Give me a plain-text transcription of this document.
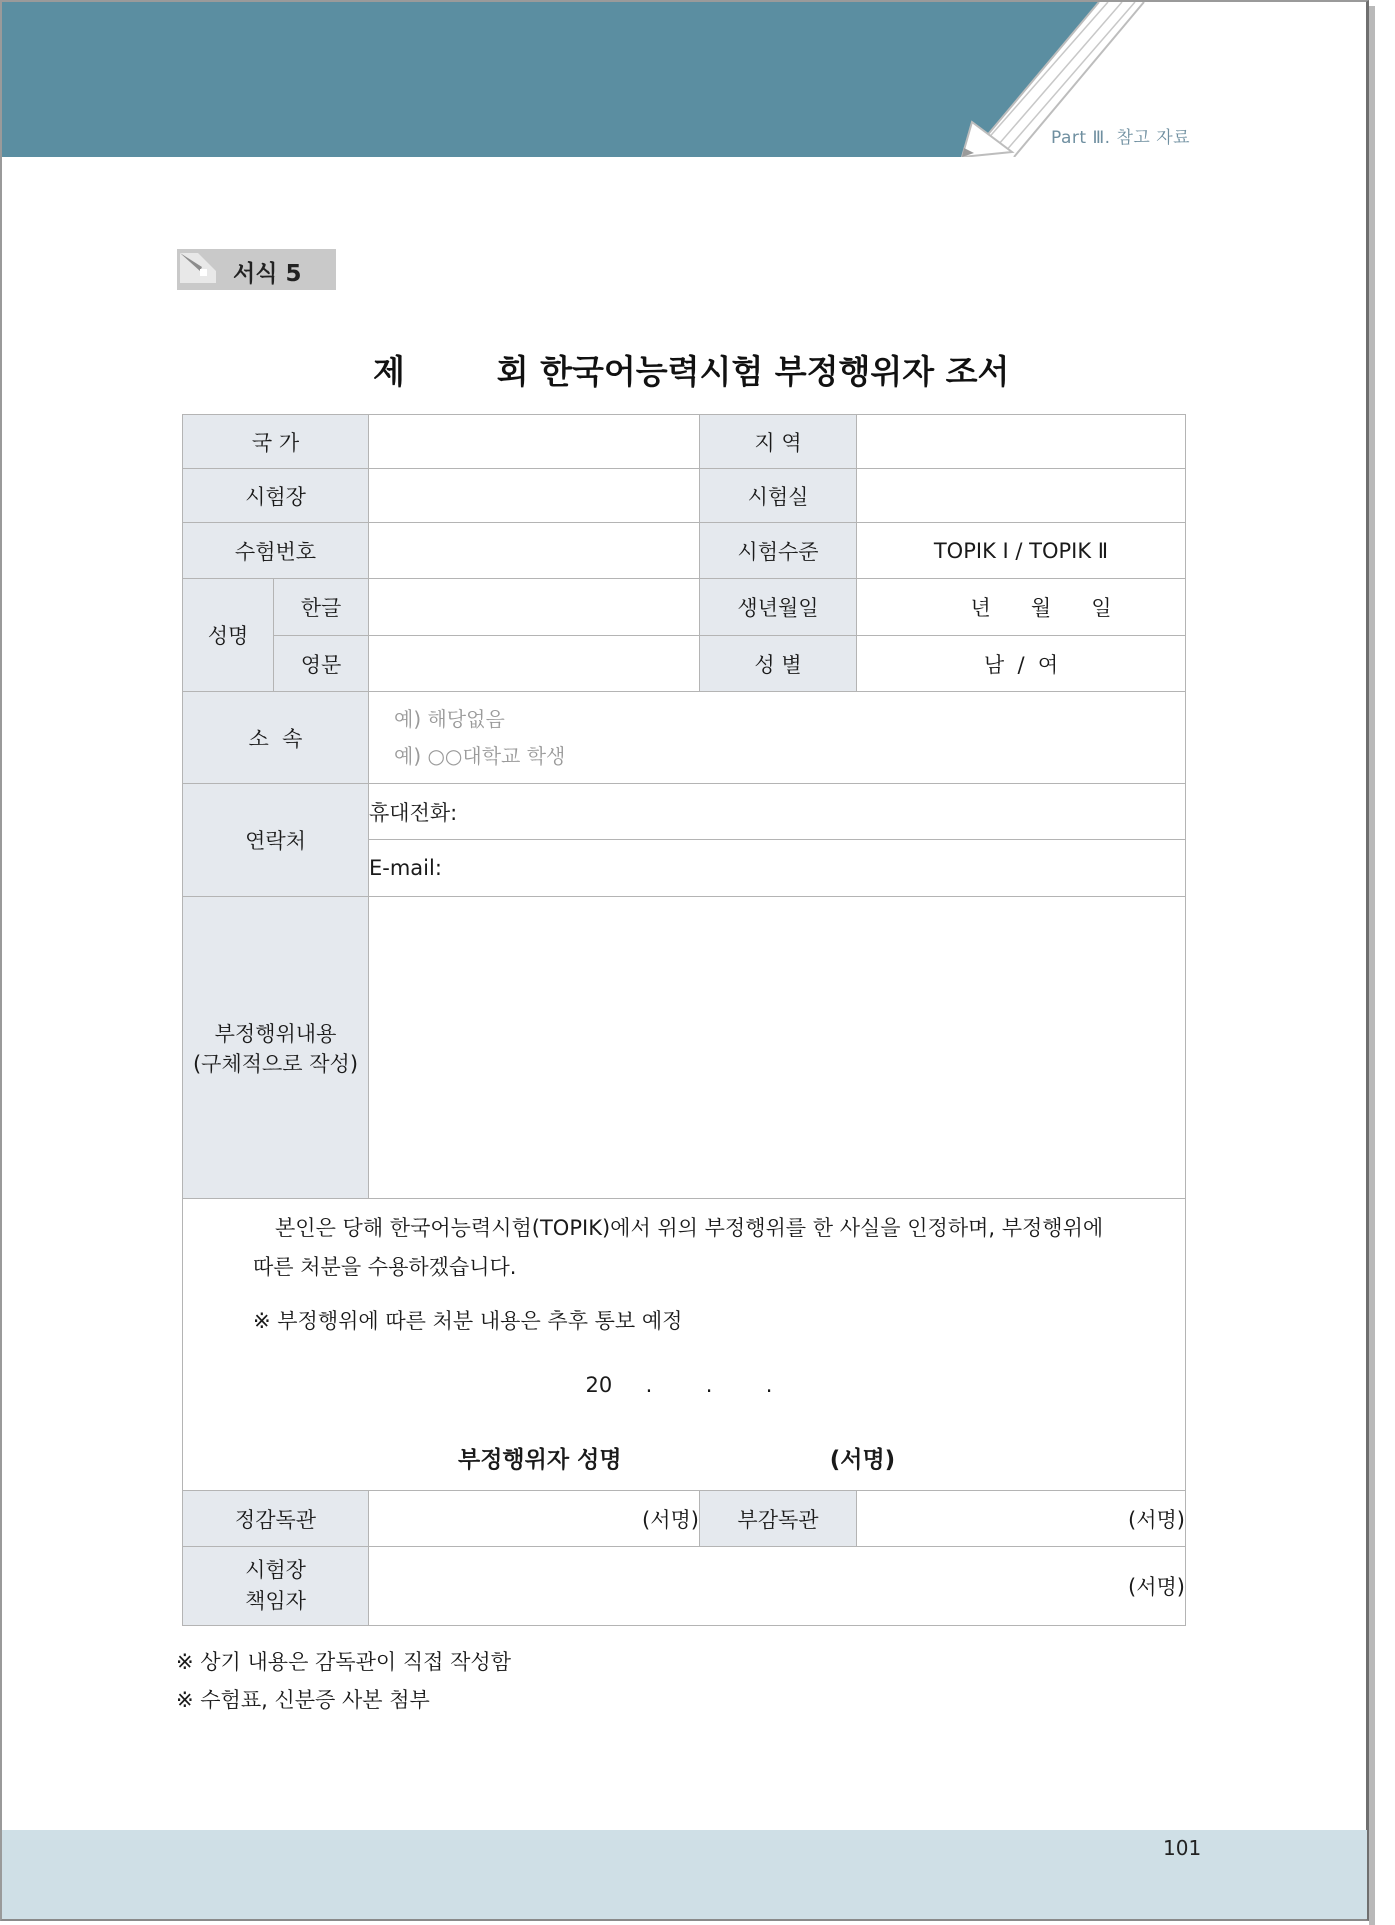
Part Ⅲ. 참고 자료
서식 5
제        회 한국어능력시험 부정행위자 조서
국 가			지 역	
시험장			시험실	
수험번호			시험수준	TOPIK Ⅰ / TOPIK Ⅱ
성명	한글		생년월일	년      월      일
	영문		성 별	남  /  여
소  속		예) 해당없음
예) ○○대학교 학생		

연락처		휴대전화:		
		E-mail:		

부정행위내용
(구체적으로 작성)				

본인은 당해 한국어능력시험(TOPIK)에서 위의 부정행위를 한 사실을 인정하며, 부정행위에 따른 처분을 수용하겠습니다.
※ 부정행위에 따른 처분 내용은 추후 통보 예정
20     .        .        .
부정행위자 성명                          (서명)				

정감독관		(서명)	부감독관	(서명)

시험장
책임자		(서명)		
※ 상기 내용은 감독관이 직접 작성함
※ 수험표, 신분증 사본 첨부
101
